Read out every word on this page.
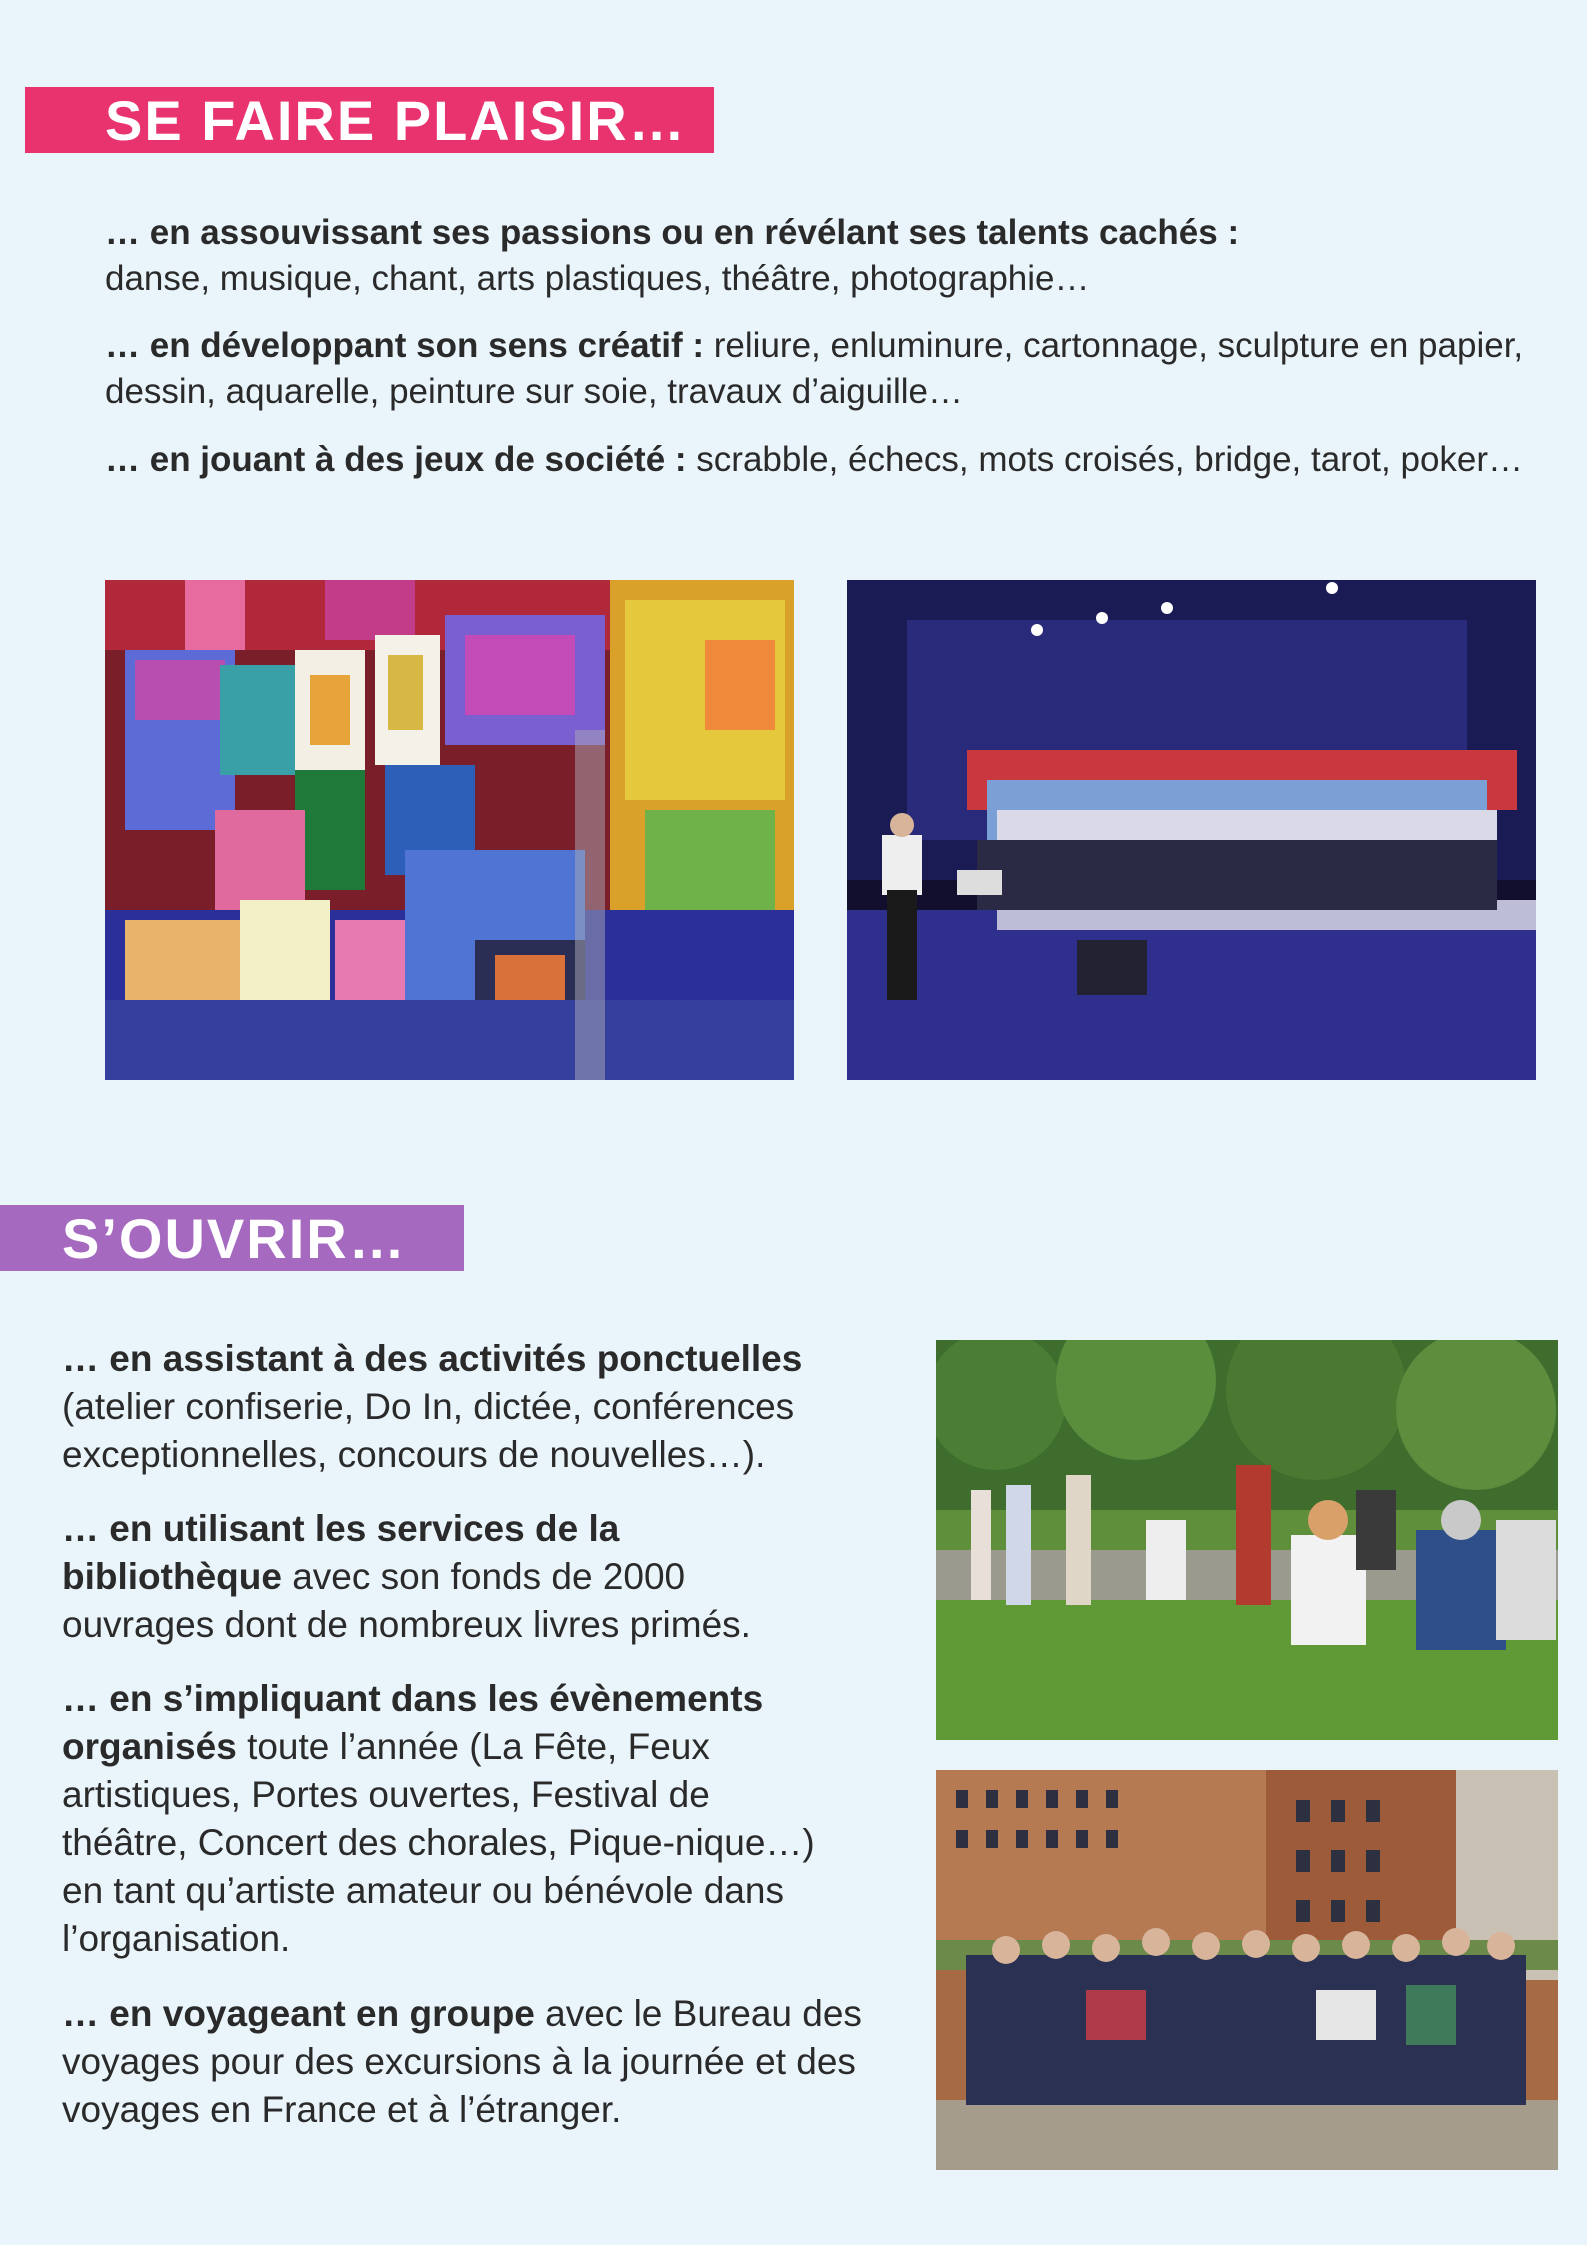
SE FAIRE PLAISIR…

… en assouvissant ses passions ou en révélant ses talents cachés :
danse, musique, chant, arts plastiques, théâtre, photographie…

… en développant son sens créatif : reliure, enluminure, cartonnage, sculpture en papier, dessin, aquarelle, peinture sur soie, travaux d’aiguille…

… en jouant à des jeux de société : scrabble, échecs, mots croisés, bridge, tarot, poker…

S’OUVRIR…

… en assistant à des activités ponctuelles
(atelier confiserie, Do In, dictée, conférences exceptionnelles, concours de nouvelles…).

… en utilisant les services de la bibliothèque avec son fonds de 2000 ouvrages dont de nombreux livres primés.

… en s’impliquant dans les évènements organisés toute l’année (La Fête, Feux artistiques, Portes ouvertes, Festival de théâtre, Concert des chorales, Pique-nique…) en tant qu’artiste amateur ou bénévole dans l’organisation.

… en voyageant en groupe avec le Bureau des voyages pour des excursions à la journée et des voyages en France et à l’étranger.
